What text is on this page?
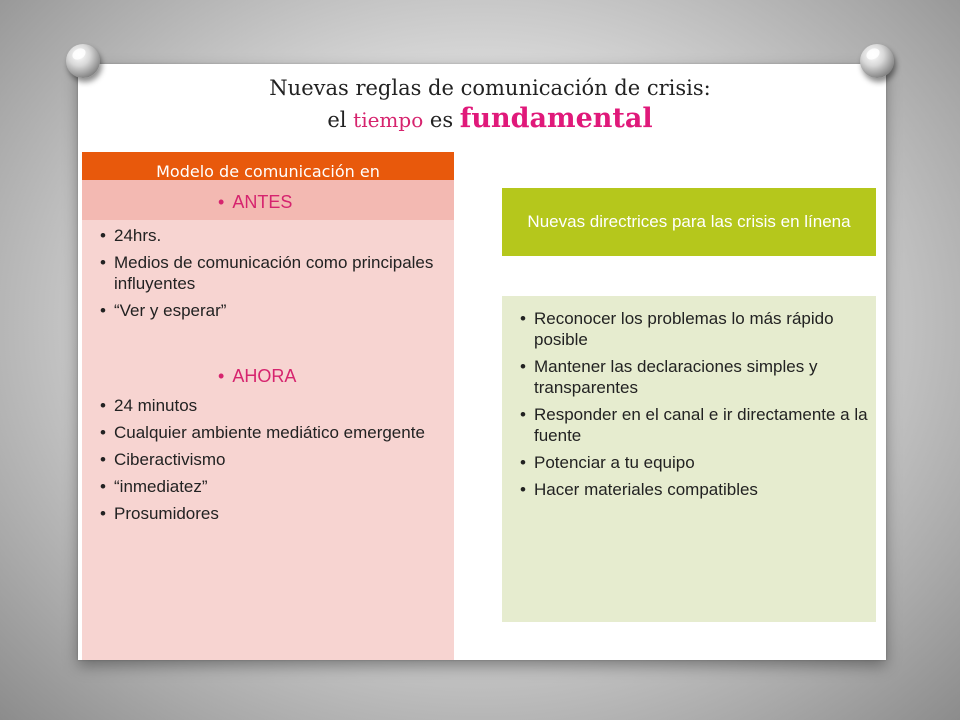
Nuevas reglas de comunicación de crisis:
el tiempo es fundamental
Modelo de comunicación en
• ANTES
• 24hrs.
• Medios de comunicación como principales influyentes
• “Ver y esperar”
• AHORA
• 24 minutos
• Cualquier ambiente mediático emergente
• Ciberactivismo
• “inmediatez”
• Prosumidores
Nuevas directrices para las crisis en línena
• Reconocer los problemas lo más rápido posible
• Mantener las declaraciones simples y transparentes
• Responder en el canal e ir directamente a la fuente
• Potenciar a tu equipo
• Hacer materiales compatibles
